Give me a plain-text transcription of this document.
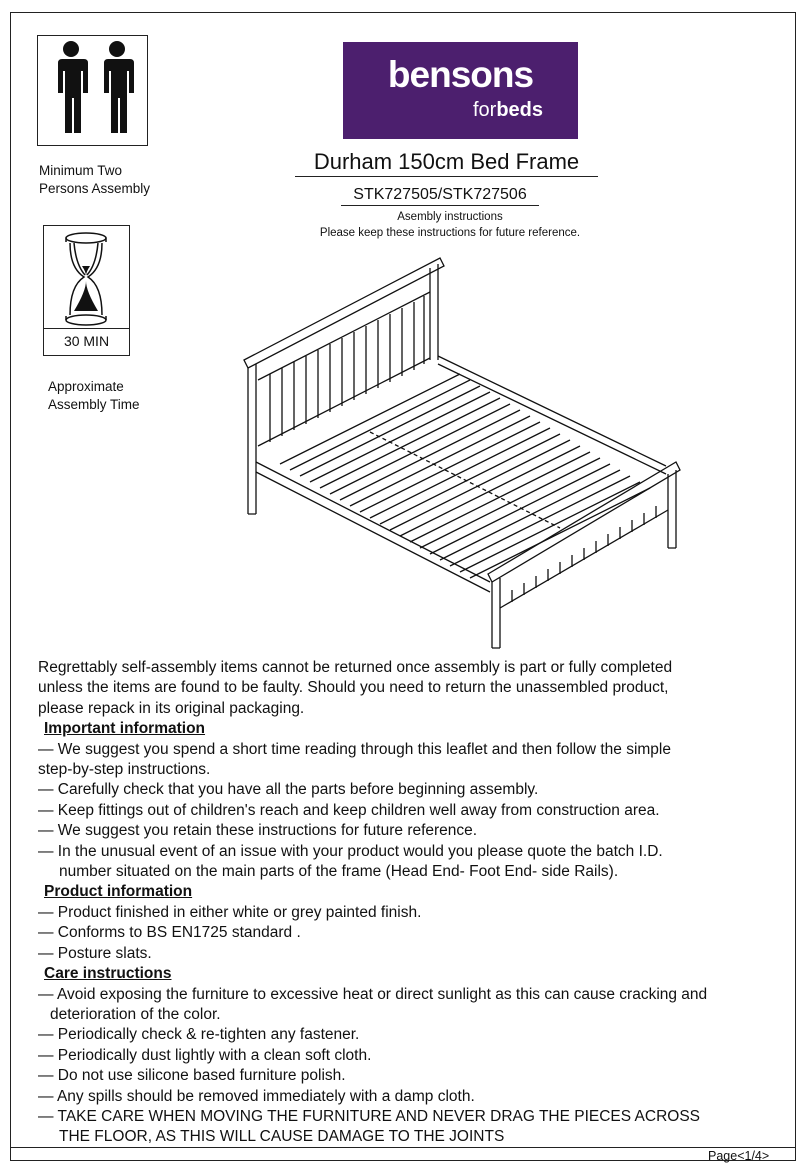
Minimum Two
Persons Assembly
30 MIN
Approximate
Assembly Time
bensons
forbeds
Durham 150cm Bed Frame
STK727505/STK727506
Asembly instructions
Please keep these instructions for future reference.

Regrettably self-assembly items cannot be returned once assembly is part or fully completed

unless the items are found to be faulty. Should you need to return the unassembled product,

please repack in its original packaging.

Important information

— We suggest you spend a short time reading through this leaflet and then follow the simple

step-by-step instructions.

— Carefully check that you have all the parts before beginning assembly.

— Keep fittings out of children's reach and keep children well away from construction area.

— We suggest you retain these instructions for future reference.

— In the unusual event of an issue with your product would you please quote the batch I.D.

number situated on the main parts of the frame (Head End- Foot End- side Rails).

Product information

— Product finished in either white or grey painted finish.

— Conforms to BS EN1725 standard .

— Posture slats.

Care instructions

— Avoid exposing the furniture to excessive heat or direct sunlight as this can cause cracking and

deterioration of the color.

— Periodically check & re-tighten any fastener.

— Periodically dust lightly with a clean soft cloth.

— Do not use silicone based furniture polish.

— Any spills should be removed immediately with a damp cloth.

— TAKE CARE WHEN MOVING THE FURNITURE AND NEVER DRAG THE PIECES ACROSS

THE FLOOR, AS THIS WILL CAUSE DAMAGE TO THE JOINTS

Page<1/4>
